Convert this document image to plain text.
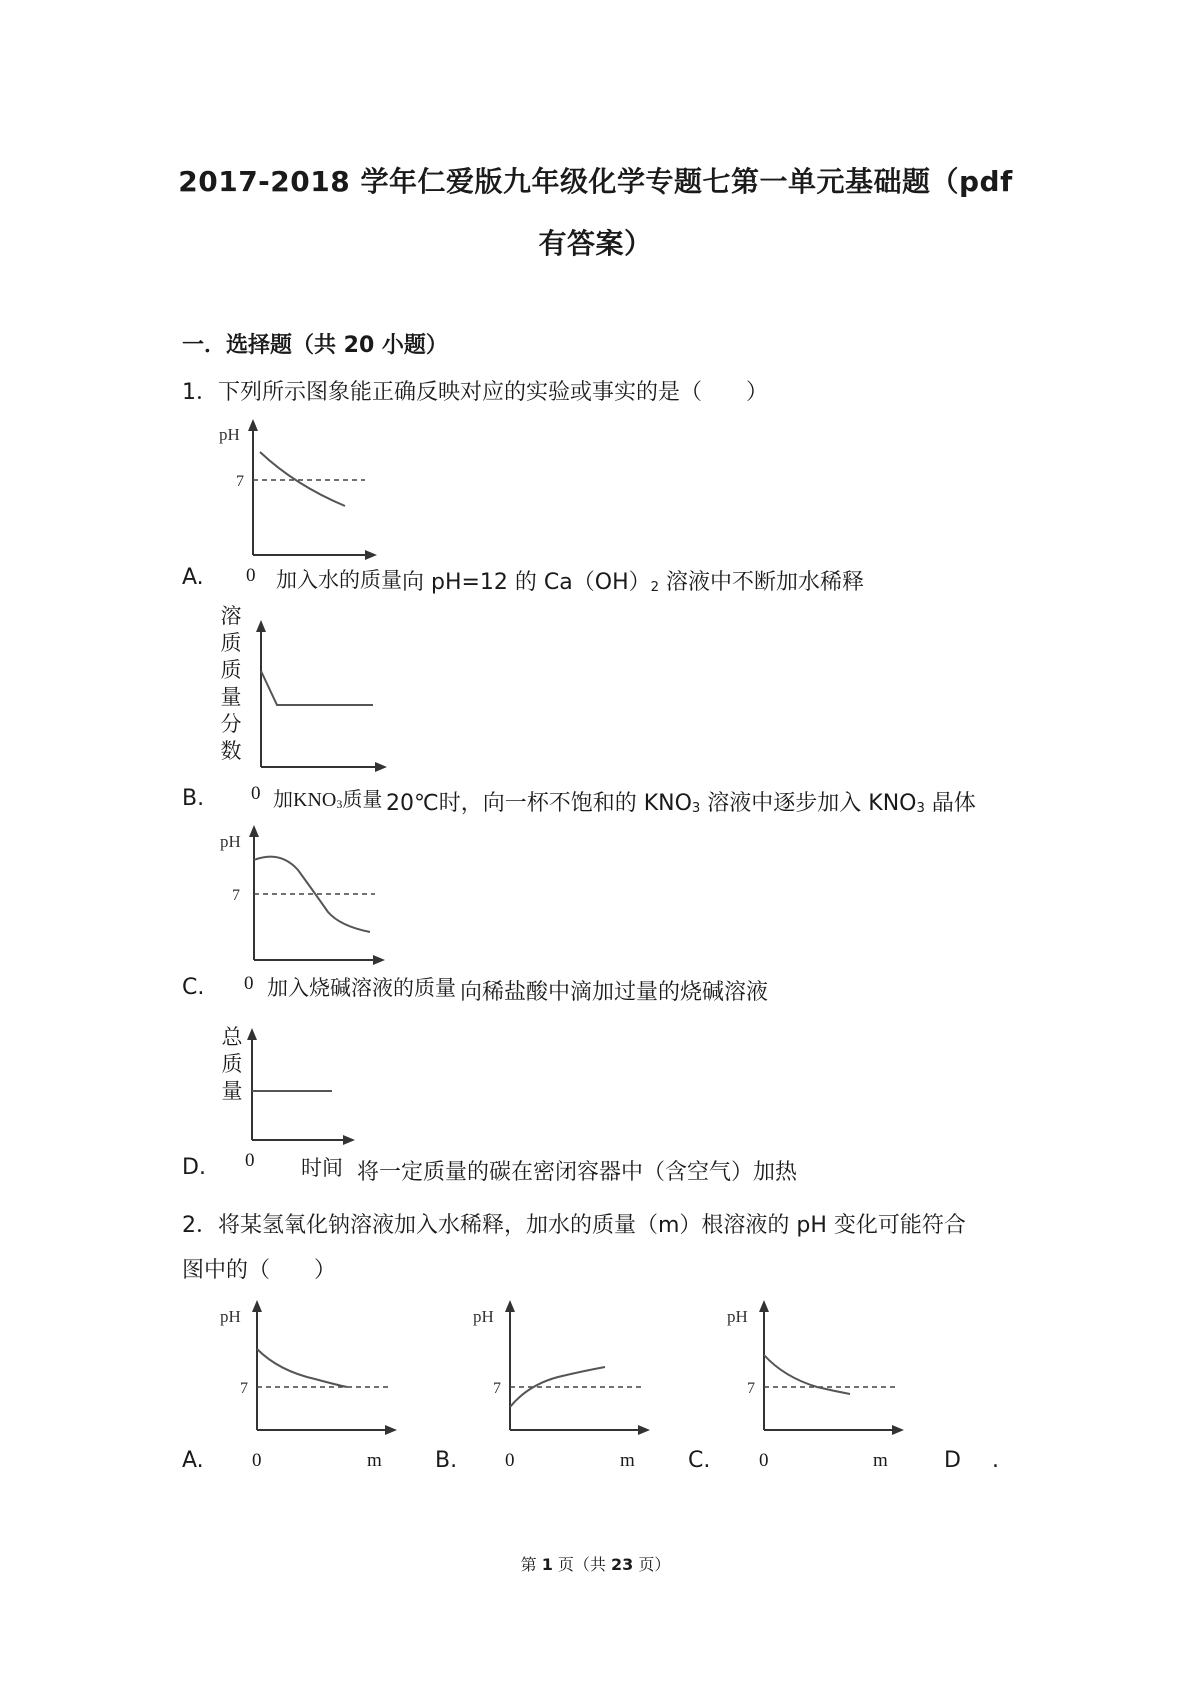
2017-2018 学年仁爱版九年级化学专题七第一单元基础题（pdf
有答案）
一．选择题（共 20 小题）
1．下列所示图象能正确反映对应的实验或事实的是（　　）
pH
7
A. 0 加入水的质量 向 pH=12 的 $Ca(OH)_2$ 溶液中不断加水稀释
溶质质量分数
B. 0 加$KNO_3$质量 20℃时，向一杯不饱和的 $KNO_3$ 溶液中逐步加入 $KNO_3$ 晶体
pH
7
C. 0 加入烧碱溶液的质量 向稀盐酸中滴加过量的烧碱溶液
总质量
D. 0 时间 将一定质量的碳在密闭容器中（含空气）加热
2．将某氢氧化钠溶液加入水稀释，加水的质量（m）根溶液的 pH 变化可能符合
图中的（　　）
pH
7
A.	0	m
pH
7
B.	0	m
pH
7
C.	0	m	D .
第 1 页（共 23 页）
